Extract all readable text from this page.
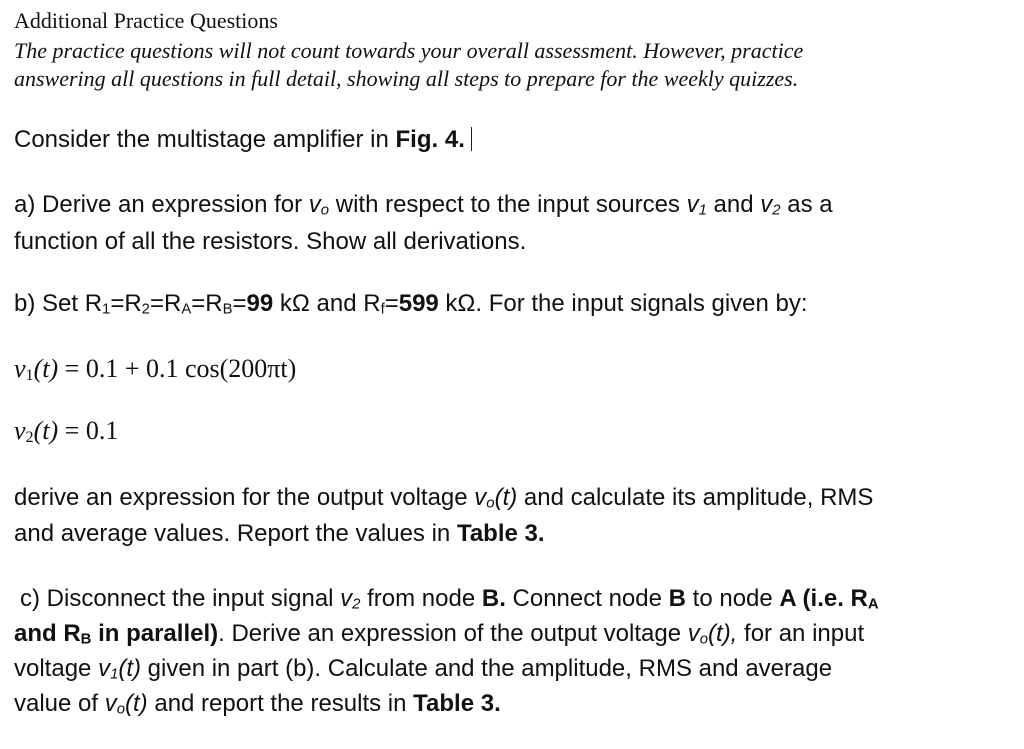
Additional Practice Questions
The practice questions will not count towards your overall assessment. However, practice
answering all questions in full detail, showing all steps to prepare for the weekly quizzes.
Consider the multistage amplifier in Fig. 4.
a) Derive an expression for $v_o$ with respect to the input sources $v_1$ and $v_2$ as a
function of all the resistors. Show all derivations.
b) Set $R_1=R_2=R_A=R_B=99$ kΩ and $R_f=599$ kΩ. For the input signals given by:
$v_1(t) = 0.1 + 0.1$ cos(200πt)
$v_2(t) = 0.1$
derive an expression for the output voltage $v_o(t)$ and calculate its amplitude, RMS
and average values. Report the values in Table 3.
c) Disconnect the input signal $v_2$ from node B. Connect node B to node A (i.e. $R_A$
and $R_B$ in parallel). Derive an expression of the output voltage $v_o(t)$, for an input
voltage $v_1(t)$ given in part (b). Calculate and the amplitude, RMS and average
value of $v_o(t)$ and report the results in Table 3.
